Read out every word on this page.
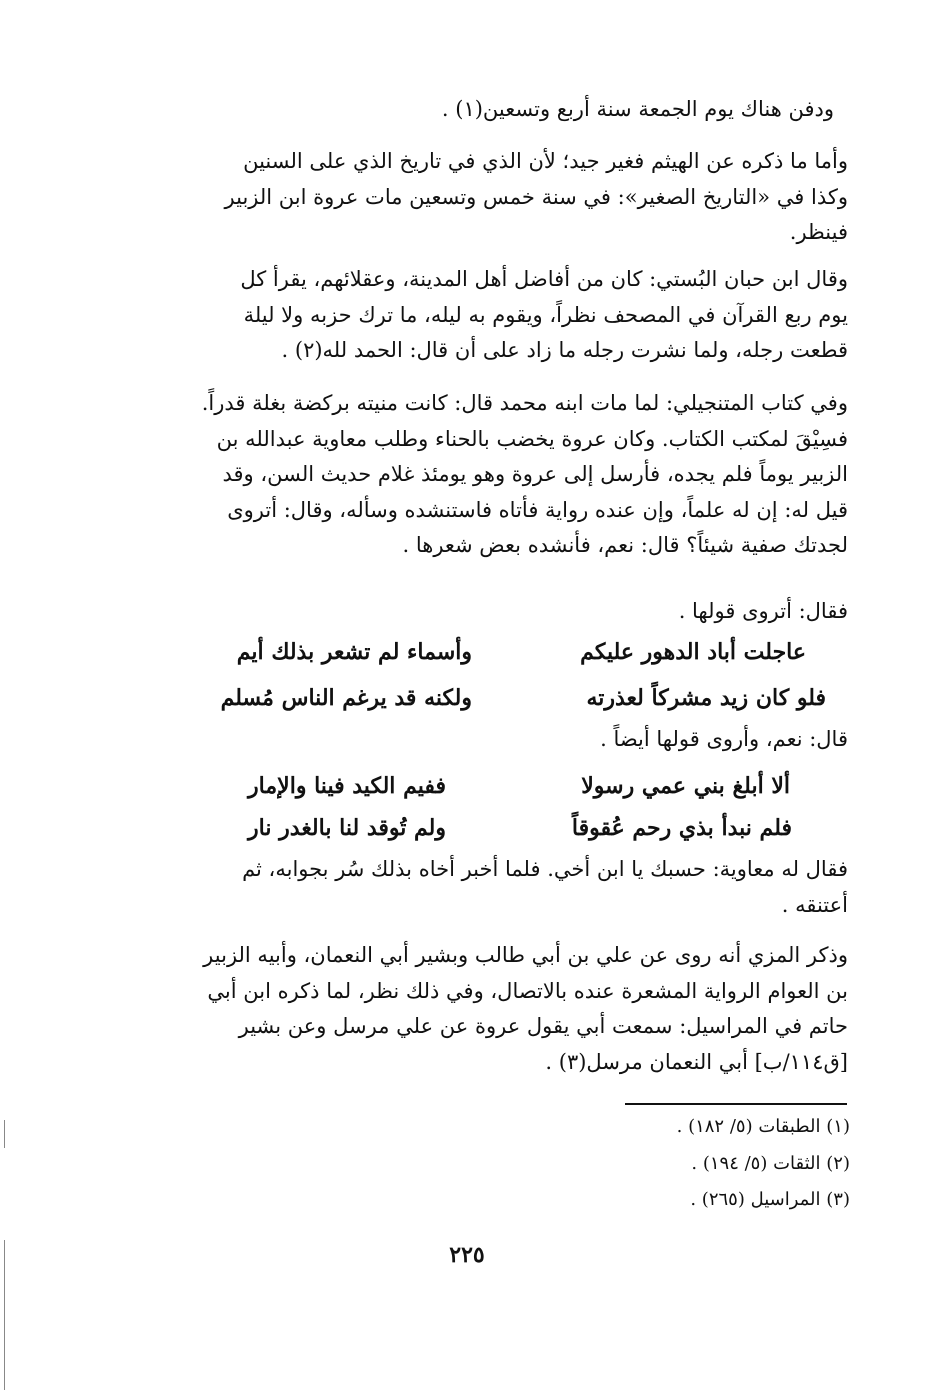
ودفن هناك يوم الجمعة سنة أربع وتسعين(١) .
وأما ما ذكره عن الهيثم فغير جيد؛ لأن الذي في تاريخ الذي على السنين
وكذا في «التاريخ الصغير»: في سنة خمس وتسعين مات عروة ابن الزبير
فينظر.
وقال ابن حبان البُستي: كان من أفاضل أهل المدينة، وعقلائهم، يقرأ كل
يوم ربع القرآن في المصحف نظراً، ويقوم به ليله، ما ترك حزبه ولا ليلة
قطعت رجله، ولما نشرت رجله ما زاد على أن قال: الحمد لله(٢) .
وفي كتاب المتنجيلي: لما مات ابنه محمد قال: كانت منيته بركضة بغلة قدراً.
فسِيْقَ لمكتب الكتاب. وكان عروة يخضب بالحناء وطلب معاوية عبدالله بن
الزبير يوماً فلم يجده، فأرسل إلى عروة وهو يومئذ غلام حديث السن، وقد
قيل له: إن له علماً، وإن عنده رواية فأتاه فاستنشده وسأله، وقال: أتروى
لجدتك صفية شيئاً؟ قال: نعم، فأنشده بعض شعرها .
فقال: أتروى قولها .
عاجلت أباد الدهور عليكم
وأسماء لم تشعر بذلك أيم
فلو كان زيد مشركاً لعذرته
ولكنه قد يرغم الناس مُسلم
قال: نعم، وأروى قولها أيضاً .
ألا أبلغ بني عمي رسولا
ففيم الكيد فينا والإمار
فلم نبدأ بذي رحم عُقوقاً
ولم تُوقد لنا بالغدر نار
فقال له معاوية: حسبك يا ابن أخي. فلما أخبر أخاه بذلك سُر بجوابه، ثم
أعتنقه .
وذكر المزي أنه روى عن علي بن أبي طالب وبشير أبي النعمان، وأبيه الزبير
بن العوام الرواية المشعرة عنده بالاتصال، وفي ذلك نظر، لما ذكره ابن أبي
حاتم في المراسيل: سمعت أبي يقول عروة عن علي مرسل وعن بشير
[ق١١٤/ب] أبي النعمان مرسل(٣) .
(١) الطبقات (٥/ ١٨٢) .
(٢) الثقات (٥/ ١٩٤) .
(٣) المراسيل (٢٦٥) .
٢٢٥
